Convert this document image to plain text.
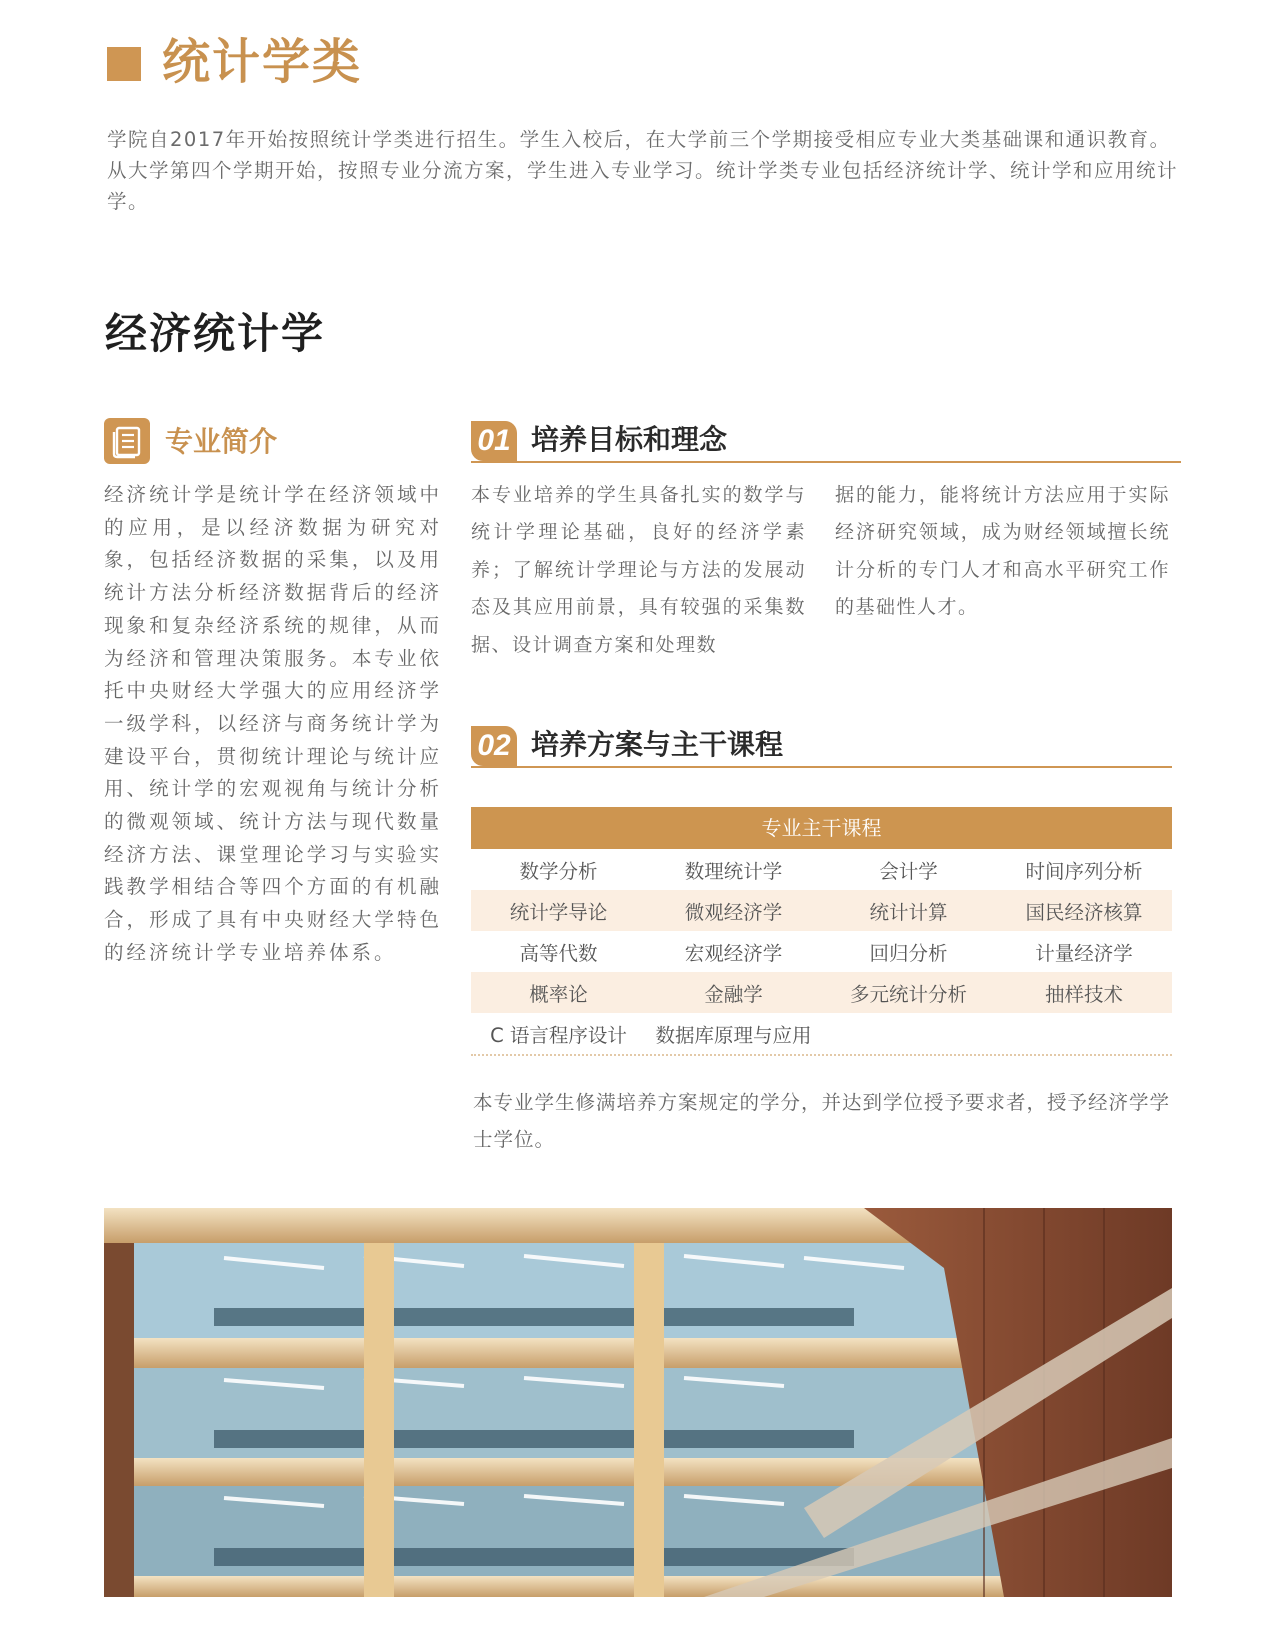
统计学类

学院自2017年开始按照统计学类进行招生。学生入校后，在大学前三个学期接受相应专业大类基础课和通识教育。从大学第四个学期开始，按照专业分流方案，学生进入专业学习。统计学类专业包括经济统计学、统计学和应用统计学。

经济统计学
专业简介

经济统计学是统计学在经济领域中的应用，是以经济数据为研究对象，包括经济数据的采集，以及用统计方法分析经济数据背后的经济现象和复杂经济系统的规律，从而为经济和管理决策服务。本专业依托中央财经大学强大的应用经济学一级学科，以经济与商务统计学为建设平台，贯彻统计理论与统计应用、统计学的宏观视角与统计分析的微观领域、统计方法与现代数量经济方法、课堂理论学习与实验实践教学相结合等四个方面的有机融合，形成了具有中央财经大学特色的经济统计学专业培养体系。

01 培养目标和理念

本专业培养的学生具备扎实的数学与统计学理论基础，良好的经济学素养；了解统计学理论与方法的发展动态及其应用前景，具有较强的采集数据、设计调查方案和处理数

据的能力，能将统计方法应用于实际经济研究领域，成为财经领域擅长统计分析的专门人才和高水平研究工作的基础性人才。

02 培养方案与主干课程
专业主干课程
数学分析	数理统计学	会计学	时间序列分析
统计学导论	微观经济学	统计计算	国民经济核算
高等代数	宏观经济学	回归分析	计量经济学
概率论	金融学	多元统计分析	抽样技术
C 语言程序设计	数据库原理与应用		

本专业学生修满培养方案规定的学分，并达到学位授予要求者，授予经济学学士学位。
